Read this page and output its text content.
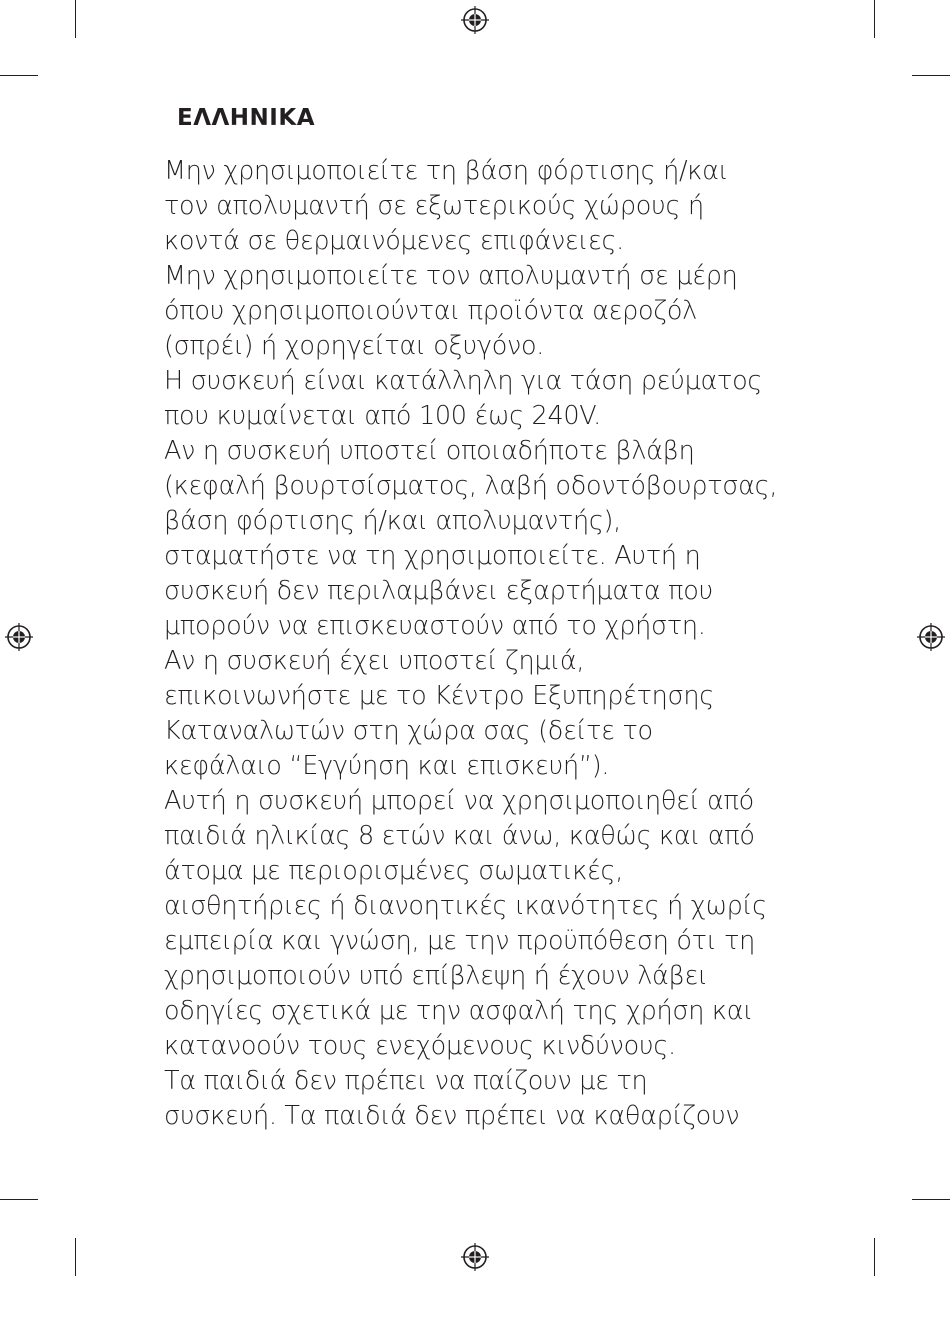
ΕΛΛΗΝΙΚΑ
Μην χρησιμοποιείτε τη βάση φόρτισης ή/και
τον απολυμαντή σε εξωτερικούς χώρους ή
κοντά σε θερμαινόμενες επιφάνειες.
Μην χρησιμοποιείτε τον απολυμαντή σε μέρη
όπου χρησιμοποιούνται προϊόντα αεροζόλ
(σπρέι) ή χορηγείται οξυγόνο.
Η συσκευή είναι κατάλληλη για τάση ρεύματος
που κυμαίνεται από 100 έως 240V.
Αν η συσκευή υποστεί οποιαδήποτε βλάβη
(κεφαλή βουρτσίσματος, λαβή οδοντόβουρτσας,
βάση φόρτισης ή/και απολυμαντής),
σταματήστε να τη χρησιμοποιείτε. Αυτή η
συσκευή δεν περιλαμβάνει εξαρτήματα που
μπορούν να επισκευαστούν από το χρήστη.
Αν η συσκευή έχει υποστεί ζημιά,
επικοινωνήστε με το Κέντρο Εξυπηρέτησης
Καταναλωτών στη χώρα σας (δείτε το
κεφάλαιο “Εγγύηση και επισκευή”).
Αυτή η συσκευή μπορεί να χρησιμοποιηθεί από
παιδιά ηλικίας 8 ετών και άνω, καθώς και από
άτομα με περιορισμένες σωματικές,
αισθητήριες ή διανοητικές ικανότητες ή χωρίς
εμπειρία και γνώση, με την προϋπόθεση ότι τη
χρησιμοποιούν υπό επίβλεψη ή έχουν λάβει
οδηγίες σχετικά με την ασφαλή της χρήση και
κατανοούν τους ενεχόμενους κινδύνους.
Τα παιδιά δεν πρέπει να παίζουν με τη
συσκευή. Τα παιδιά δεν πρέπει να καθαρίζουν
